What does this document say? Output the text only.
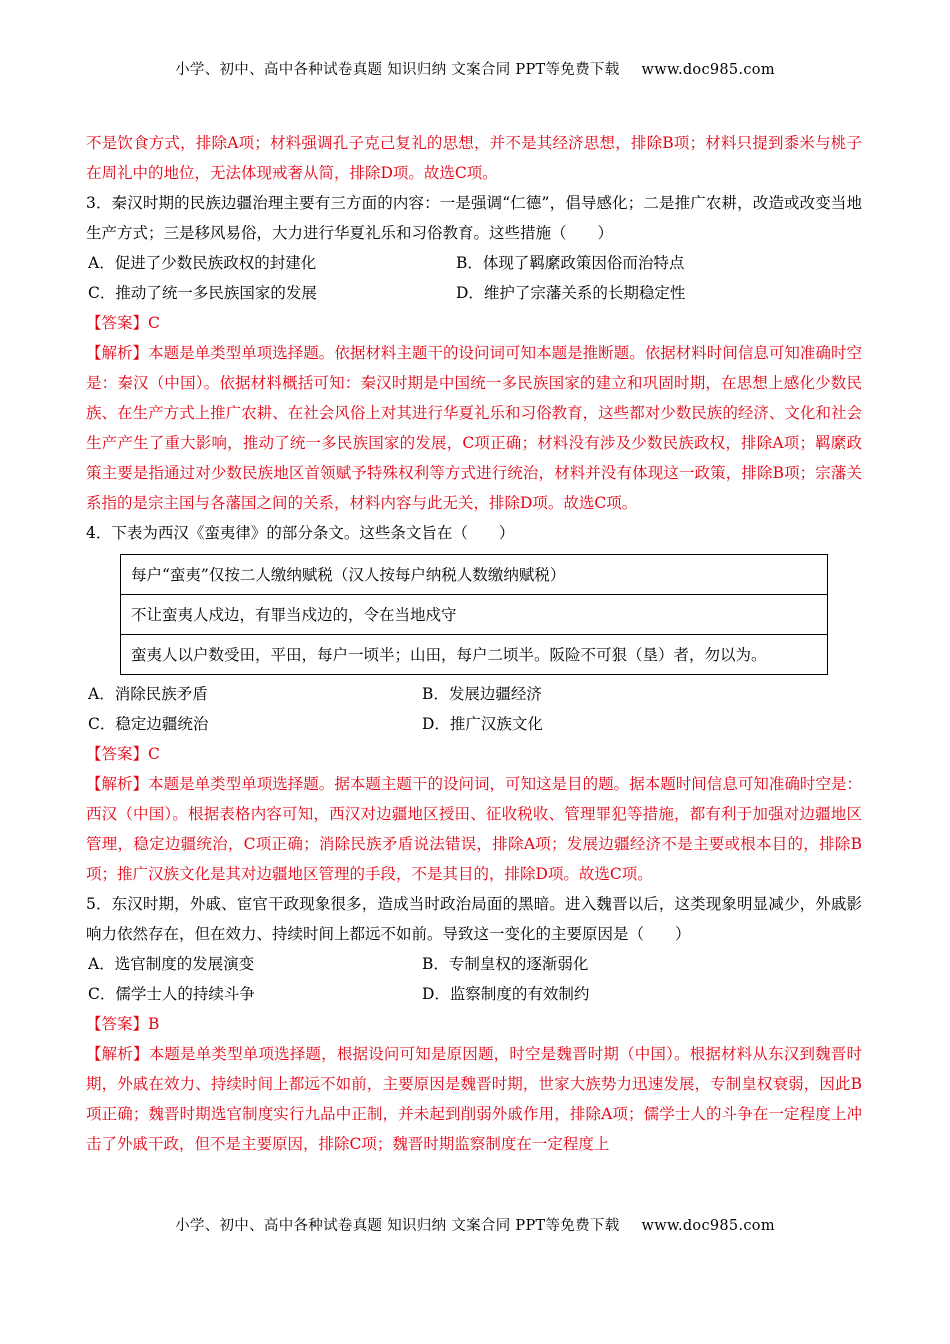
小学、初中、高中各种试卷真题 知识归纳 文案合同 PPT等免费下载 www.doc985.com

不是饮食方式，排除A项；材料强调孔子克己复礼的思想，并不是其经济思想，排除B项；材料只提到黍米与桃子在周礼中的地位，无法体现戒奢从简，排除D项。故选C项。

3．秦汉时期的民族边疆治理主要有三方面的内容：一是强调“仁德”，倡导感化；二是推广农耕，改造或改变当地生产方式；三是移风易俗，大力进行华夏礼乐和习俗教育。这些措施（　　）

A．促进了少数民族政权的封建化	B．体现了羁縻政策因俗而治特点
C．推动了统一多民族国家的发展	D．维护了宗藩关系的长期稳定性

【答案】C

【解析】本题是单类型单项选择题。依据材料主题干的设问词可知本题是推断题。依据材料时间信息可知准确时空是：秦汉（中国）。依据材料概括可知：秦汉时期是中国统一多民族国家的建立和巩固时期，在思想上感化少数民族、在生产方式上推广农耕、在社会风俗上对其进行华夏礼乐和习俗教育，这些都对少数民族的经济、文化和社会生产产生了重大影响，推动了统一多民族国家的发展，C项正确；材料没有涉及少数民族政权，排除A项；羁縻政策主要是指通过对少数民族地区首领赋予特殊权利等方式进行统治，材料并没有体现这一政策，排除B项；宗藩关系指的是宗主国与各藩国之间的关系，材料内容与此无关，排除D项。故选C项。

4．下表为西汉《蛮夷律》的部分条文。这些条文旨在（　　）

每户“蛮夷”仅按二人缴纳赋税（汉人按每户纳税人数缴纳赋税）
不让蛮夷人戍边，有罪当戍边的，令在当地戍守
蛮夷人以户数受田，平田，每户一顷半；山田，每户二顷半。阪险不可狠（垦）者，勿以为。
A．消除民族矛盾	B．发展边疆经济
C．稳定边疆统治	D．推广汉族文化

【答案】C

【解析】本题是单类型单项选择题。据本题主题干的设问词，可知这是目的题。据本题时间信息可知准确时空是：西汉（中国）。根据表格内容可知，西汉对边疆地区授田、征收税收、管理罪犯等措施，都有利于加强对边疆地区管理，稳定边疆统治，C项正确；消除民族矛盾说法错误，排除A项；发展边疆经济不是主要或根本目的，排除B项；推广汉族文化是其对边疆地区管理的手段，不是其目的，排除D项。故选C项。

5．东汉时期，外戚、宦官干政现象很多，造成当时政治局面的黑暗。进入魏晋以后，这类现象明显减少，外戚影响力依然存在，但在效力、持续时间上都远不如前。导致这一变化的主要原因是（　　）

A．选官制度的发展演变	B．专制皇权的逐渐弱化
C．儒学士人的持续斗争	D．监察制度的有效制约

【答案】B

【解析】本题是单类型单项选择题，根据设问可知是原因题，时空是魏晋时期（中国）。根据材料从东汉到魏晋时期，外戚在效力、持续时间上都远不如前，主要原因是魏晋时期，世家大族势力迅速发展，专制皇权衰弱，因此B项正确；魏晋时期选官制度实行九品中正制，并未起到削弱外戚作用，排除A项；儒学士人的斗争在一定程度上冲击了外戚干政，但不是主要原因，排除C项；魏晋时期监察制度在一定程度上

小学、初中、高中各种试卷真题 知识归纳 文案合同 PPT等免费下载 www.doc985.com
